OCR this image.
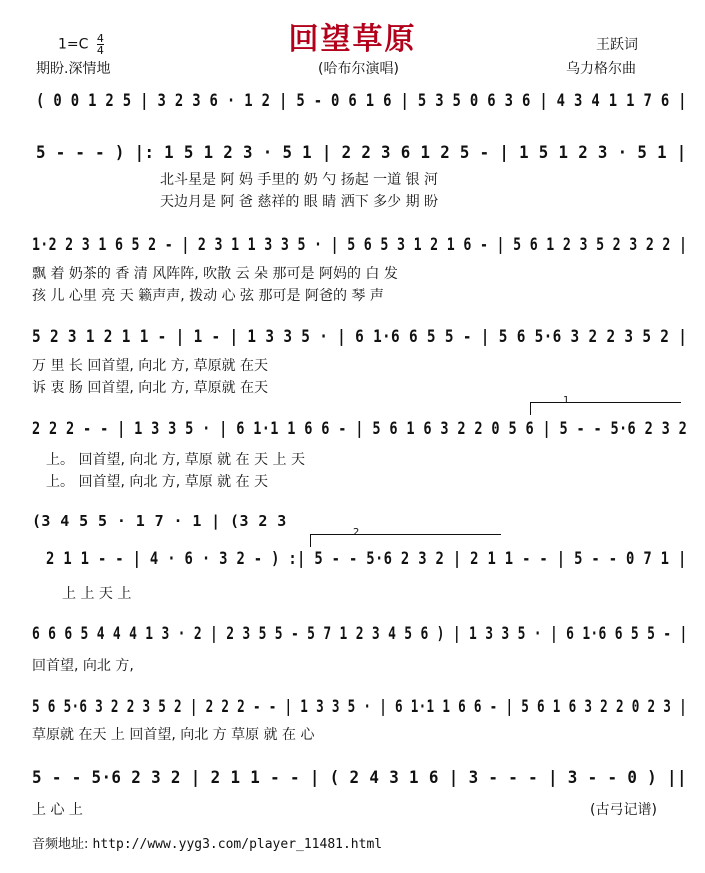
回望草原
$1=C \frac{4}{4}$
期盼.深情地	(哈布尔演唱)
王跃词
乌力格尔曲
( 0 0 1 2 5 | 3 2 3 6 · 1 2 | 5 - 0 6 1 6 | 5 3 5 0 6 3 6 | 4 3 4 1 1 7 6 |
5 - - - ) |: 1 5 1 2 3 · 5 1 | 2 2 3 6 1 2 5 - | 1 5 1 2 3 · 5 1 |
北斗星是 阿 妈 手里的 奶 勺 扬起 一道 银 河
天边月是 阿 爸 慈祥的 眼 睛 洒下 多少 期 盼
1·2 2 3 1 6 5 2 - | 2 3 1 1 3 3 5 · | 5 6 5 3 1 2 1 6 - | 5 6 1 2 3 5 2 3 2 2 |
飘 着 奶茶的 香 清 风阵阵, 吹散 云 朵 那可是 阿妈的 白 发
孩 儿 心里 亮 天 籁声声, 拨动 心 弦 那可是 阿爸的 琴 声
5 2 3 1 2 1 1 - | 1 - | 1 3 3 5 · | 6 1·6 6 5 5 - | 5 6 5·6 3 2 2 3 5 2 |
万 里 长 回首望, 向北 方, 草原就 在天
诉 衷 肠 回首望, 向北 方, 草原就 在天
1
2 2 2 - - | 1 3 3 5 · | 6 1·1 1 6 6 - | 5 6 1 6 3 2 2 0 5 6 | 5 - - 5·6 2 3 2
上。 回首望, 向北 方, 草原 就 在 天 上 天
上。 回首望, 向北 方, 草原 就 在 天
(3 4 5 5 · 1 7 · 1 | (3 2 3
2
2 1 1 - - | 4 · 6 · 3 2 - ) :| 5 - - 5·6 2 3 2 | 2 1 1 - - | 5 - - 0 7 1 |
上 上 天 上
6 6 6 5 4 4 4 1 3 · 2 | 2 3 5 5 - 5 7 1 2 3 4 5 6 ) | 1 3 3 5 · | 6 1·6 6 5 5 - |
回首望, 向北 方,
5 6 5·6 3 2 2 3 5 2 | 2 2 2 - - | 1 3 3 5 · | 6 1·1 1 6 6 - | 5 6 1 6 3 2 2 0 2 3 |
草原就 在天 上 回首望, 向北 方 草原 就 在 心
5 - - 5·6 2 3 2 | 2 1 1 - - | ( 2 4 3 1 6 | 3 - - - | 3 - - 0 ) ||
上 心 上	(古弓记谱)
音频地址: http://www.yyg3.com/player_11481.html
